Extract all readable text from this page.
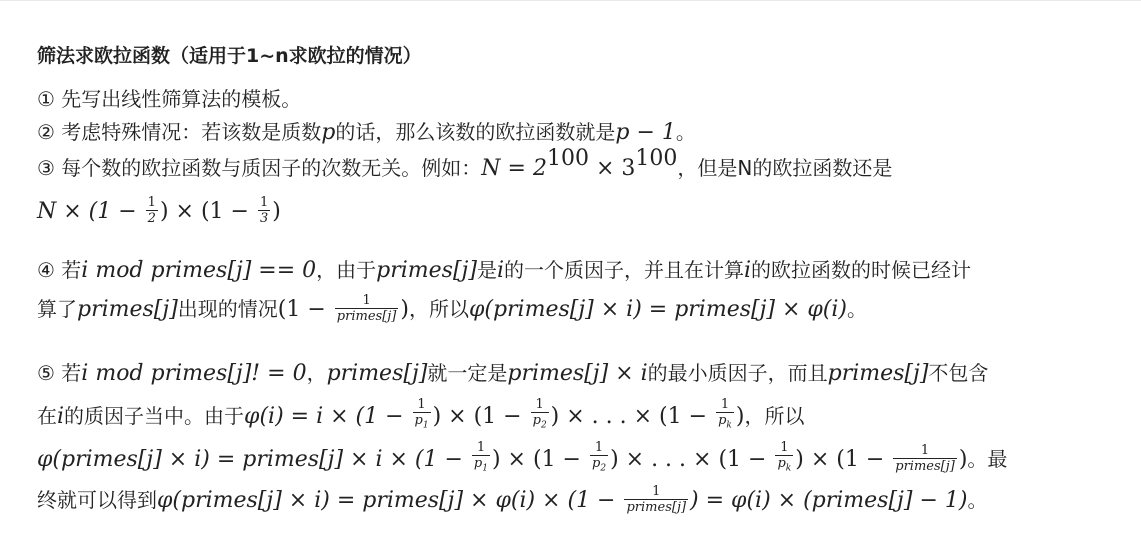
筛法求欧拉函数（适用于1~n求欧拉的情况）
① 先写出线性筛算法的模板。
② 考虑特殊情况：若该数是质数p的话，那么该数的欧拉函数就是p − 1。
③ 每个数的欧拉函数与质因子的次数无关。例如：$N = 2^{100} \times 3^{100}$，但是N的欧拉函数还是
$N \times (1 - \frac{1}{2}$ ) × ($1 - \frac{1}{3}$ )
④ 若i mod primes[j] == 0，由于primes[j]是i的一个质因子，并且在计算i的欧拉函数的时候已经计
算了primes[j]出现的情况($1 - \frac{1}{\text{primes[j]}}$ )，所以φ(primes[j] × i) = primes[j] × φ(i)。
⑤ 若i mod primes[j]! = 0，primes[j]就一定是primes[j] × i的最小质因子，而且primes[j]不包含
在i的质因子当中。由于$\varphi(i) = i \times (1 - \frac{1}{p_1}$ ) × ($1 - \frac{1}{p_2}$ ) × . . . × ($1 - \frac{1}{p_k}$ )，所以
φ(primes[j] × i) = primes[j] × $i \times (1 - \frac{1}{p_1}$ ) × ($1 - \frac{1}{p_2}$ ) × . . . × ($1 - \frac{1}{p_k}$ ) × ($1 - \frac{1}{\text{primes[j]}}$ )。最
终就可以得到φ(primes[j] × i) = primes[j] × $\varphi(i) \times (1 - \frac{1}{\text{primes[j]}}$ ) = φ(i) × (primes[j] − 1)。
